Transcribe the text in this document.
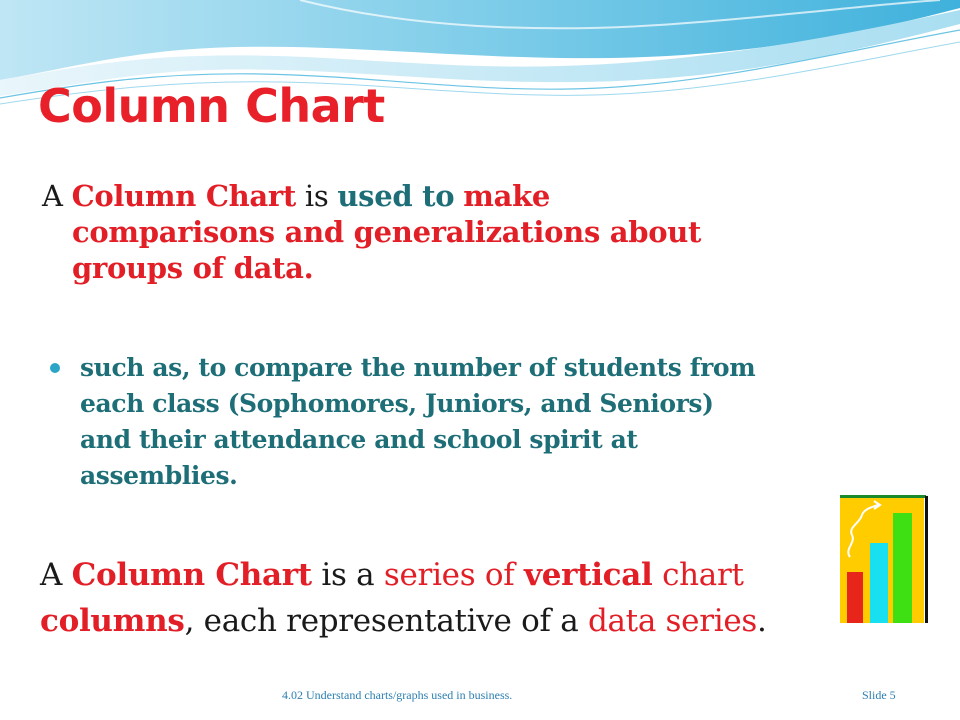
Column Chart
A Column Chart is used to make
comparisons and generalizations about
groups of data.
such as, to compare the number of students from
each class (Sophomores, Juniors, and Seniors)
and their attendance and school spirit at
assemblies.
A Column Chart is a series of vertical chart
columns, each representative of a data series.
4.02 Understand charts/graphs used in business.	Slide 5
